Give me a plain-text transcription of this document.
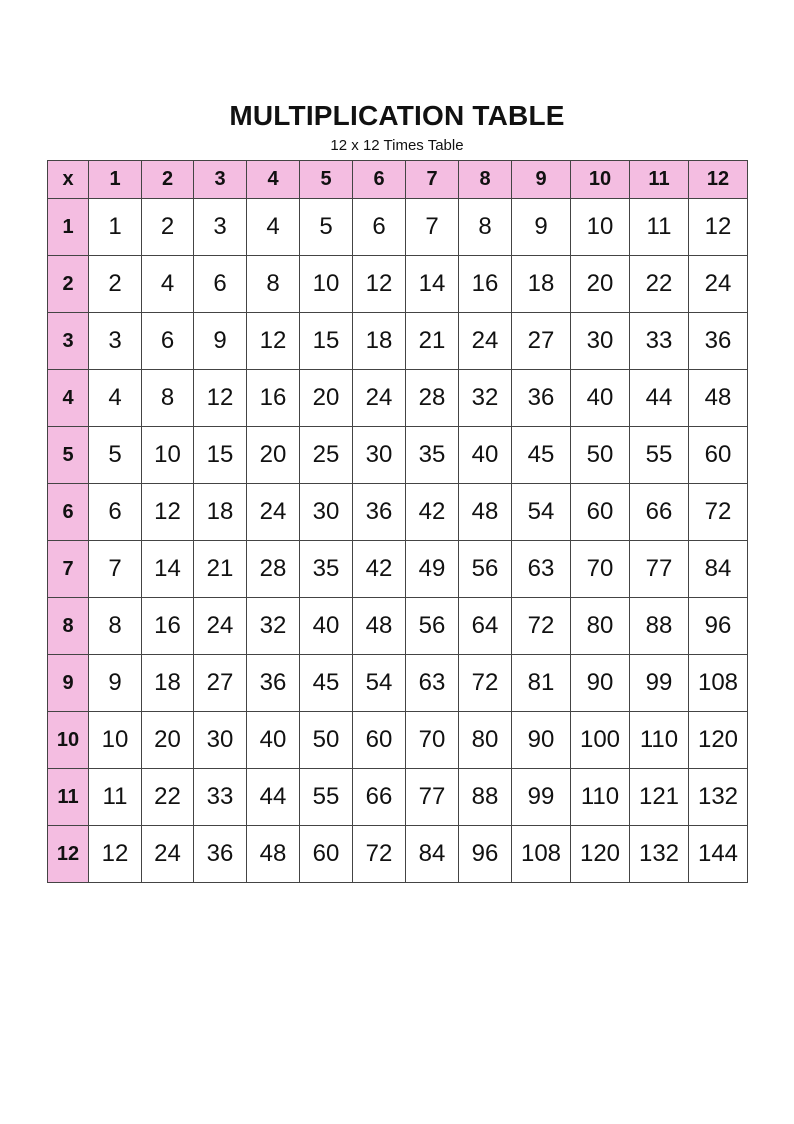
MULTIPLICATION TABLE
12 x 12 Times Table
x	1	2	3	4	5	6	7	8	9	10	11	12
1	1	2	3	4	5	6	7	8	9	10	11	12
2	2	4	6	8	10	12	14	16	18	20	22	24
3	3	6	9	12	15	18	21	24	27	30	33	36
4	4	8	12	16	20	24	28	32	36	40	44	48
5	5	10	15	20	25	30	35	40	45	50	55	60
6	6	12	18	24	30	36	42	48	54	60	66	72
7	7	14	21	28	35	42	49	56	63	70	77	84
8	8	16	24	32	40	48	56	64	72	80	88	96
9	9	18	27	36	45	54	63	72	81	90	99	108
10	10	20	30	40	50	60	70	80	90	100	110	120
11	11	22	33	44	55	66	77	88	99	110	121	132
12	12	24	36	48	60	72	84	96	108	120	132	144
